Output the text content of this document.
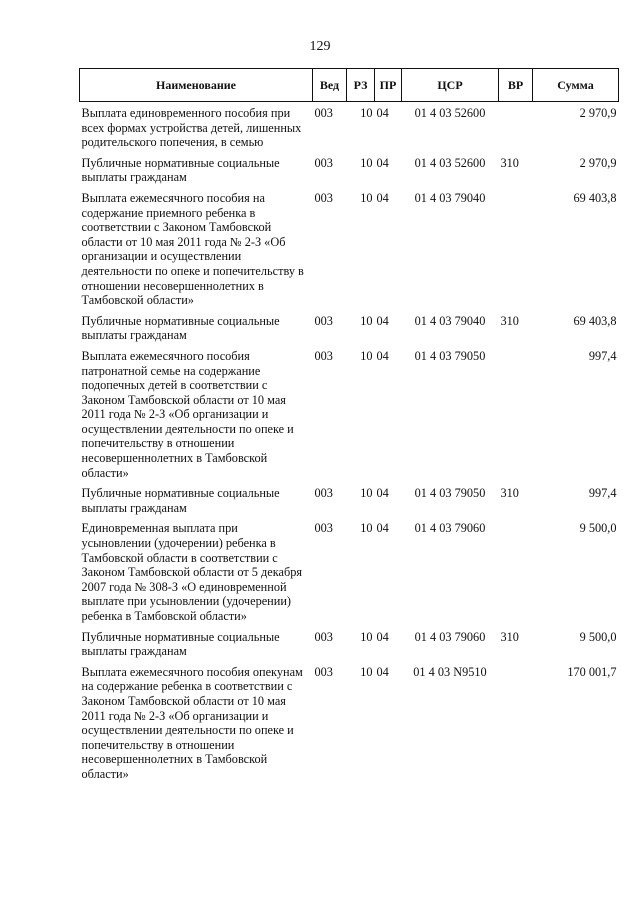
129
Наименование	Вед	РЗ	ПР	ЦСР	ВР	Сумма
Выплата единовременного пособия при всех формах устройства детей, лишенных родительского попечения, в семью	003	10	04	01 4 03 52600		2 970,9
Публичные нормативные социальные выплаты гражданам	003	10	04	01 4 03 52600	310	2 970,9
Выплата ежемесячного пособия на содержание приемного ребенка в соответствии с Законом Тамбовской области от 10 мая 2011 года № 2-З «Об организации и осуществлении деятельности по опеке и попечительству в отношении несовершеннолетних в Тамбовской области»	003	10	04	01 4 03 79040		69 403,8
Публичные нормативные социальные выплаты гражданам	003	10	04	01 4 03 79040	310	69 403,8
Выплата ежемесячного пособия патронатной семье на содержание подопечных детей в соответствии с Законом Тамбовской области от 10 мая 2011 года № 2-З «Об организации и осуществлении деятельности по опеке и попечительству в отношении несовершеннолетних в Тамбовской области»	003	10	04	01 4 03 79050		997,4
Публичные нормативные социальные выплаты гражданам	003	10	04	01 4 03 79050	310	997,4
Единовременная выплата при усыновлении (удочерении) ребенка в Тамбовской области в соответствии с Законом Тамбовской области от 5 декабря 2007 года № 308-З «О единовременной выплате при усыновлении (удочерении) ребенка в Тамбовской области»	003	10	04	01 4 03 79060		9 500,0
Публичные нормативные социальные выплаты гражданам	003	10	04	01 4 03 79060	310	9 500,0
Выплата ежемесячного пособия опекунам на содержание ребенка в соответствии с Законом Тамбовской области от 10 мая 2011 года № 2-З «Об организации и осуществлении деятельности по опеке и попечительству в отношении несовершеннолетних в Тамбовской области»	003	10	04	01 4 03 N9510		170 001,7
